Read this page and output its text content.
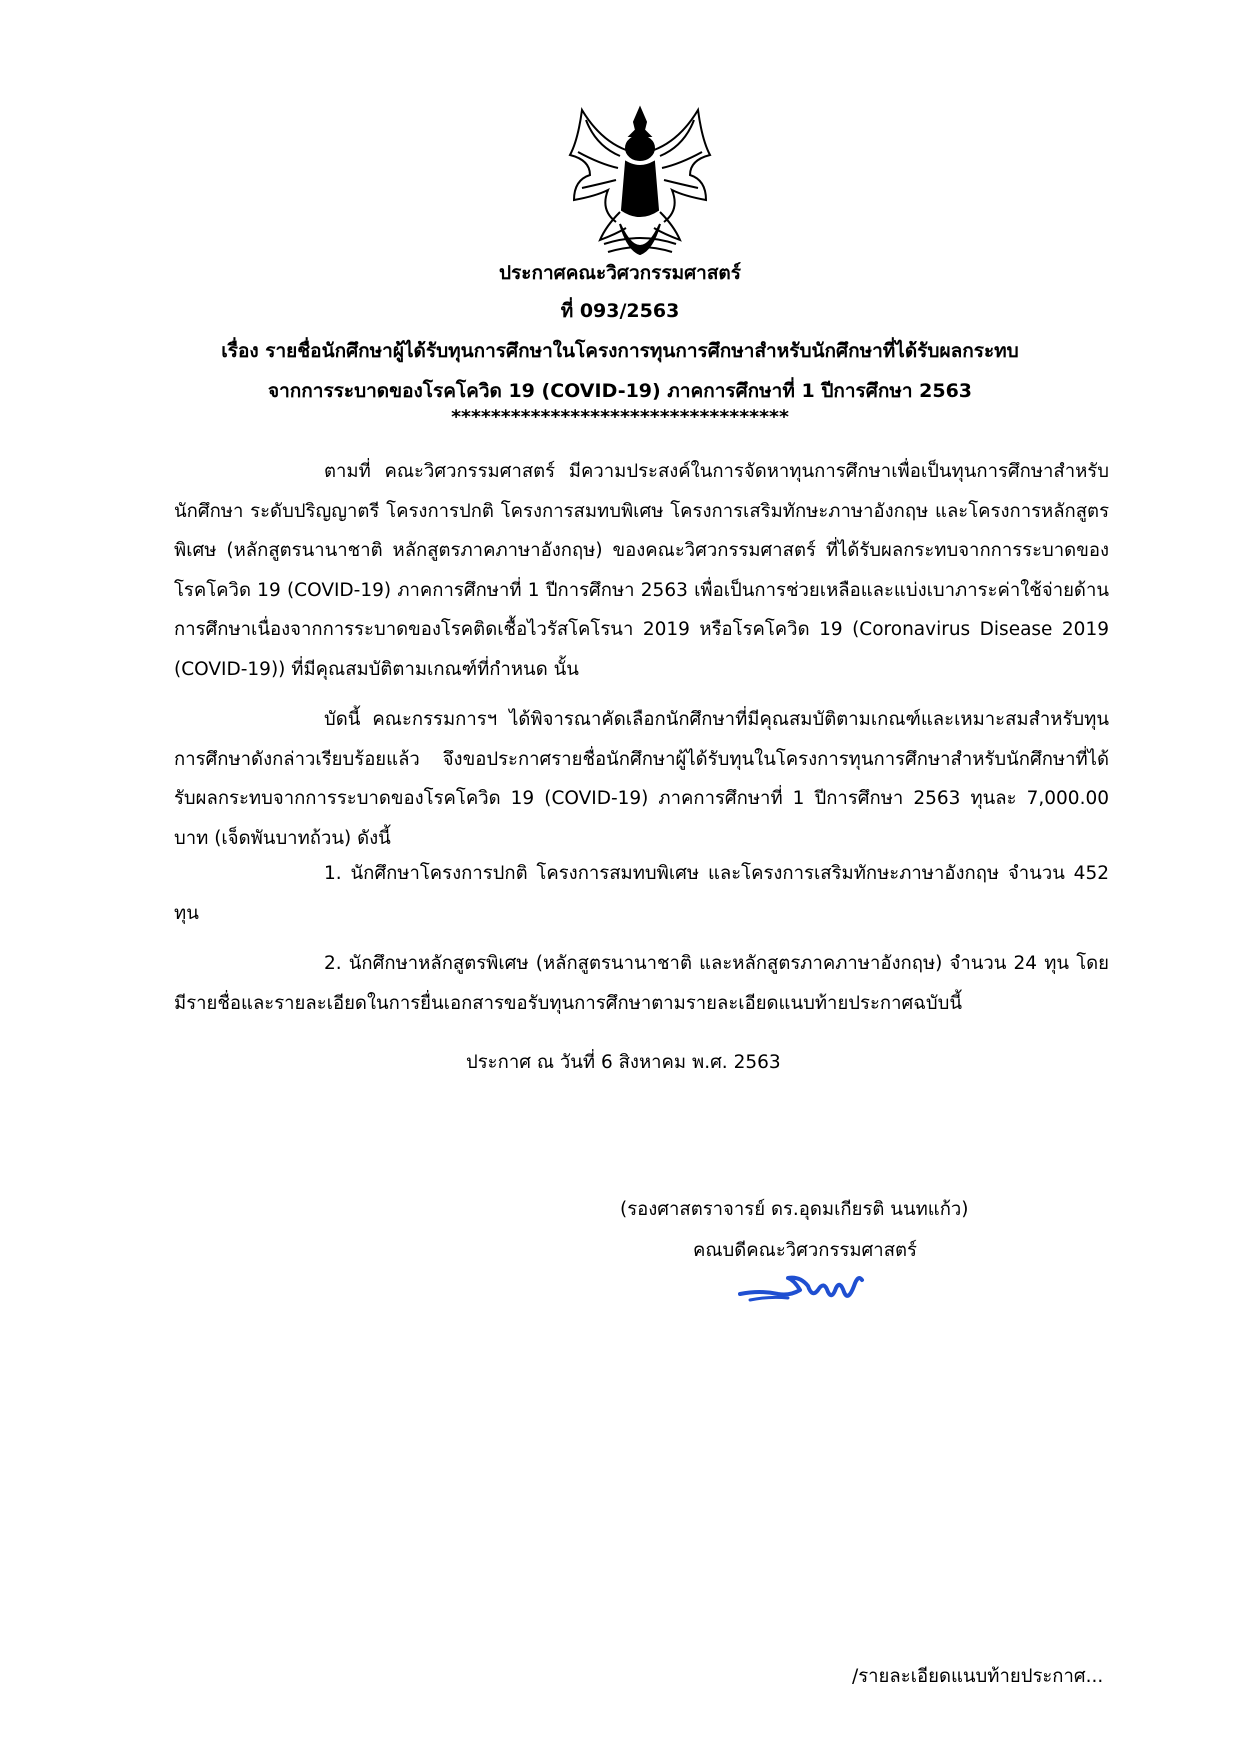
ประกาศคณะวิศวกรรมศาสตร์
ที่ 093/2563
เรื่อง รายชื่อนักศึกษาผู้ได้รับทุนการศึกษาในโครงการทุนการศึกษาสำหรับนักศึกษาที่ได้รับผลกระทบ
จากการระบาดของโรคโควิด 19 (COVID-19) ภาคการศึกษาที่ 1 ปีการศึกษา 2563
**********************************
ตามที่ คณะวิศวกรรมศาสตร์ มีความประสงค์ในการจัดหาทุนการศึกษาเพื่อเป็นทุนการศึกษาสำหรับนักศึกษา ระดับปริญญาตรี โครงการปกติ โครงการสมทบพิเศษ โครงการเสริมทักษะภาษาอังกฤษ และโครงการหลักสูตรพิเศษ (หลักสูตรนานาชาติ หลักสูตรภาคภาษาอังกฤษ) ของคณะวิศวกรรมศาสตร์ ที่ได้รับผลกระทบจากการระบาดของโรคโควิด 19 (COVID-19) ภาคการศึกษาที่ 1 ปีการศึกษา 2563 เพื่อเป็นการช่วยเหลือและแบ่งเบาภาระค่าใช้จ่ายด้านการศึกษาเนื่องจากการระบาดของโรคติดเชื้อไวรัสโคโรนา 2019 หรือโรคโควิด 19 (Coronavirus Disease 2019 (COVID-19)) ที่มีคุณสมบัติตามเกณฑ์ที่กำหนด นั้น
บัดนี้ คณะกรรมการฯ ได้พิจารณาคัดเลือกนักศึกษาที่มีคุณสมบัติตามเกณฑ์และเหมาะสมสำหรับทุนการศึกษาดังกล่าวเรียบร้อยแล้ว จึงขอประกาศรายชื่อนักศึกษาผู้ได้รับทุนในโครงการทุนการศึกษาสำหรับนักศึกษาที่ได้รับผลกระทบจากการระบาดของโรคโควิด 19 (COVID-19) ภาคการศึกษาที่ 1 ปีการศึกษา 2563 ทุนละ 7,000.00 บาท (เจ็ดพันบาทถ้วน) ดังนี้
1. นักศึกษาโครงการปกติ โครงการสมทบพิเศษ และโครงการเสริมทักษะภาษาอังกฤษ จำนวน 452 ทุน
2. นักศึกษาหลักสูตรพิเศษ (หลักสูตรนานาชาติ และหลักสูตรภาคภาษาอังกฤษ) จำนวน 24 ทุน โดยมีรายชื่อและรายละเอียดในการยื่นเอกสารขอรับทุนการศึกษาตามรายละเอียดแนบท้ายประกาศฉบับนี้
ประกาศ ณ วันที่ 6 สิงหาคม พ.ศ. 2563
(รองศาสตราจารย์ ดร.อุดมเกียรติ นนทแก้ว)
คณบดีคณะวิศวกรรมศาสตร์
/รายละเอียดแนบท้ายประกาศ...
